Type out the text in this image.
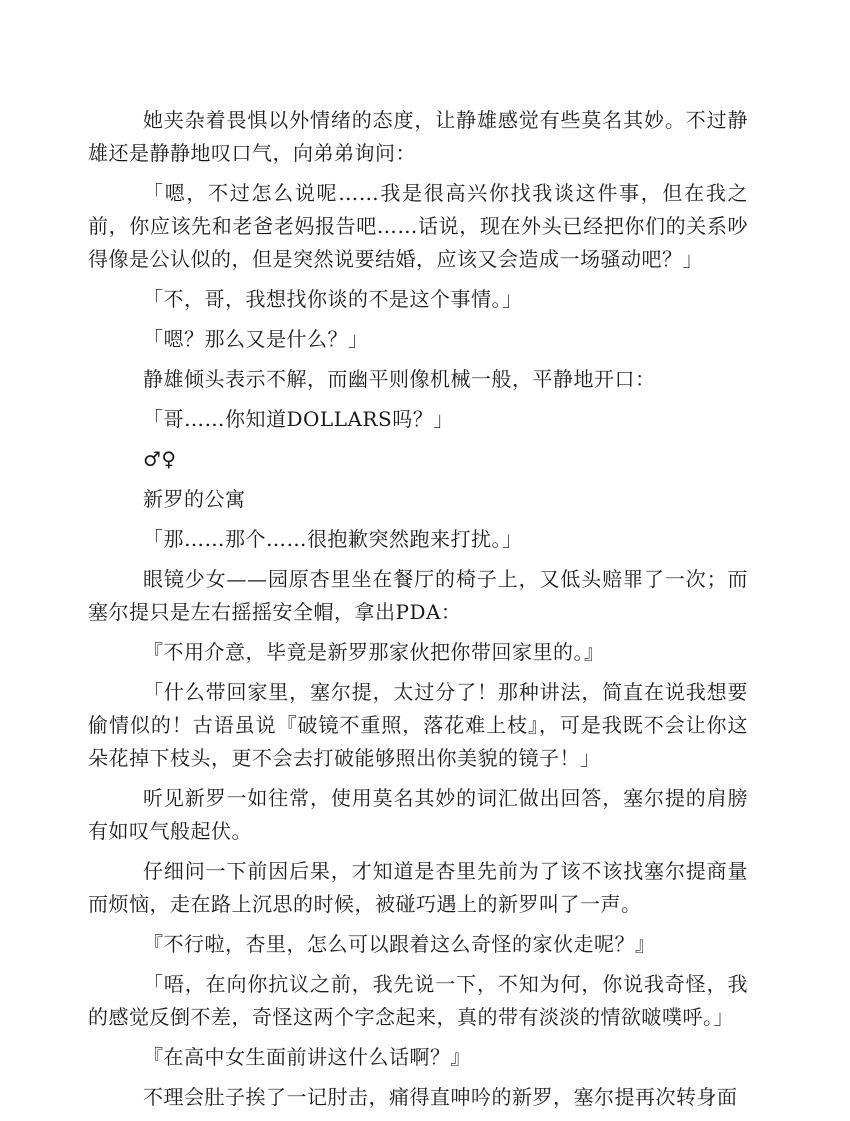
她夹杂着畏惧以外情绪的态度，让静雄感觉有些莫名其妙。不过静雄还是静静地叹口气，向弟弟询问：

「嗯，不过怎么说呢……我是很高兴你找我谈这件事，但在我之前，你应该先和老爸老妈报告吧……话说，现在外头已经把你们的关系吵得像是公认似的，但是突然说要结婚，应该又会造成一场骚动吧？」

「不，哥，我想找你谈的不是这个事情。」

「嗯？那么又是什么？」

静雄倾头表示不解，而幽平则像机械一般，平静地开口：

「哥……你知道DOLLARS吗？」

♂♀

新罗的公寓

「那……那个……很抱歉突然跑来打扰。」

眼镜少女——园原杏里坐在餐厅的椅子上，又低头赔罪了一次；而塞尔提只是左右摇摇安全帽，拿出PDA：

『不用介意，毕竟是新罗那家伙把你带回家里的。』

「什么带回家里，塞尔提，太过分了！那种讲法，简直在说我想要偷情似的！古语虽说『破镜不重照，落花难上枝』，可是我既不会让你这朵花掉下枝头，更不会去打破能够照出你美貌的镜子！」

听见新罗一如往常，使用莫名其妙的词汇做出回答，塞尔提的肩膀有如叹气般起伏。

仔细问一下前因后果，才知道是杏里先前为了该不该找塞尔提商量而烦恼，走在路上沉思的时候，被碰巧遇上的新罗叫了一声。

『不行啦，杏里，怎么可以跟着这么奇怪的家伙走呢？』

「唔，在向你抗议之前，我先说一下，不知为何，你说我奇怪，我的感觉反倒不差，奇怪这两个字念起来，真的带有淡淡的情欲啵噗呼。」

『在高中女生面前讲这什么话啊？』

不理会肚子挨了一记肘击，痛得直呻吟的新罗，塞尔提再次转身面
